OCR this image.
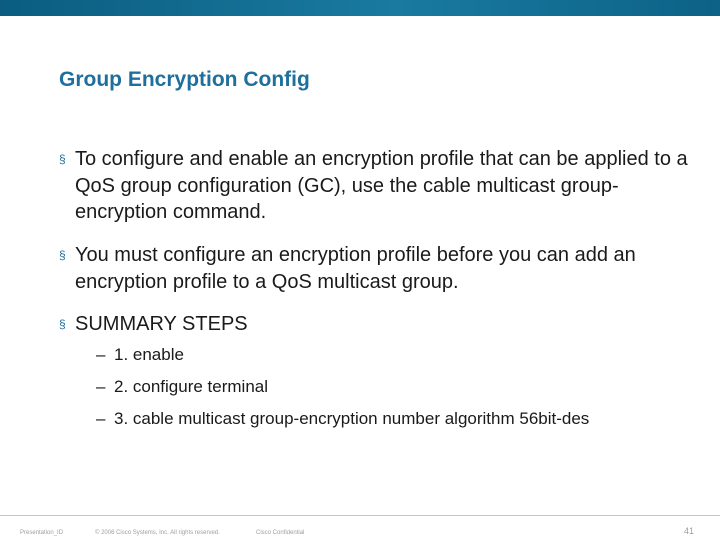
Group Encryption Config
§ To configure and enable an encryption profile that can be applied to a QoS group configuration (GC), use the cable multicast group-encryption command.
§ You must configure an encryption profile before you can add an encryption profile to a QoS multicast group.
§ SUMMARY STEPS
– 1. enable
– 2. configure terminal
– 3. cable multicast group-encryption number algorithm 56bit-des
Presentation_ID	© 2006 Cisco Systems, Inc. All rights reserved.	Cisco Confidential	41
